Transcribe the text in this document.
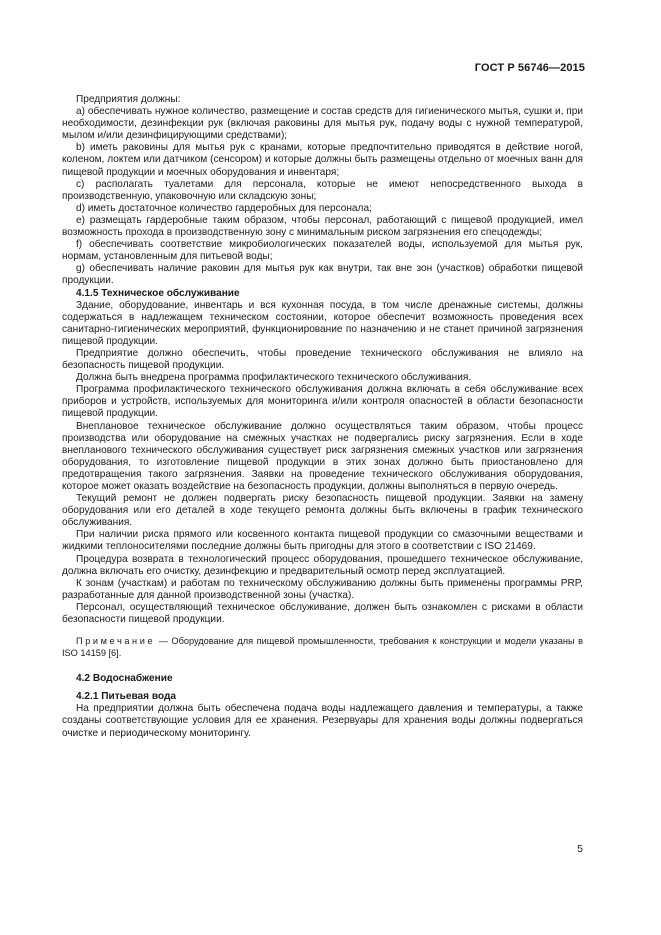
ГОСТ Р 56746—2015

Предприятия должны:

а) обеспечивать нужное количество, размещение и состав средств для гигиенического мытья, сушки и, при необходимости, дезинфекции рук (включая раковины для мытья рук, подачу воды с нужной температурой, мылом и/или дезинфицирующими средствами);

b) иметь раковины для мытья рук с кранами, которые предпочтительно приводятся в действие ногой, коленом, локтем или датчиком (сенсором) и которые должны быть размещены отдельно от моечных ванн для пищевой продукции и моечных оборудования и инвентаря;

с) располагать туалетами для персонала, которые не имеют непосредственного выхода в производственную, упаковочную или складскую зоны;

d) иметь достаточное количество гардеробных для персонала;

е) размещать гардеробные таким образом, чтобы персонал, работающий с пищевой продукцией, имел возможность прохода в производственную зону с минимальным риском загрязнения его спецодежды;

f) обеспечивать соответствие микробиологических показателей воды, используемой для мытья рук, нормам, установленным для питьевой воды;

g) обеспечивать наличие раковин для мытья рук как внутри, так вне зон (участков) обработки пищевой продукции.

4.1.5 Техническое обслуживание

Здание, оборудование, инвентарь и вся кухонная посуда, в том числе дренажные системы, должны содержаться в надлежащем техническом состоянии, которое обеспечит возможность проведения всех санитарно-гигиенических мероприятий, функционирование по назначению и не станет причиной загрязнения пищевой продукции.

Предприятие должно обеспечить, чтобы проведение технического обслуживания не влияло на безопасность пищевой продукции.

Должна быть внедрена программа профилактического технического обслуживания.

Программа профилактического технического обслуживания должна включать в себя обслуживание всех приборов и устройств, используемых для мониторинга и/или контроля опасностей в области безопасности пищевой продукции.

Внеплановое техническое обслуживание должно осуществляться таким образом, чтобы процесс производства или оборудование на смежных участках не подвергались риску загрязнения. Если в ходе внепланового технического обслуживания существует риск загрязнения смежных участков или загрязнения оборудования, то изготовление пищевой продукции в этих зонах должно быть приостановлено для предотвращения такого загрязнения. Заявки на проведение технического обслуживания оборудования, которое может оказать воздействие на безопасность продукции, должны выполняться в первую очередь.

Текущий ремонт не должен подвергать риску безопасность пищевой продукции. Заявки на замену оборудования или его деталей в ходе текущего ремонта должны быть включены в график технического обслуживания.

При наличии риска прямого или косвенного контакта пищевой продукции со смазочными веществами и жидкими теплоносителями последние должны быть пригодны для этого в соответствии с ISO 21469.

Процедура возврата в технологический процесс оборудования, прошедшего техническое обслуживание, должна включать его очистку, дезинфекцию и предварительный осмотр перед эксплуатацией.

К зонам (участкам) и работам по техническому обслуживанию должны быть применены программы PRP, разработанные для данной производственной зоны (участка).

Персонал, осуществляющий техническое обслуживание, должен быть ознакомлен с рисками в области безопасности пищевой продукции.

Примечание — Оборудование для пищевой промышленности, требования к конструкции и модели указаны в ISO 14159 [6].

4.2 Водоснабжение

4.2.1 Питьевая вода

На предприятии должна быть обеспечена подача воды надлежащего давления и температуры, а также созданы соответствующие условия для ее хранения. Резервуары для хранения воды должны подвергаться очистке и периодическому мониторингу.

5
